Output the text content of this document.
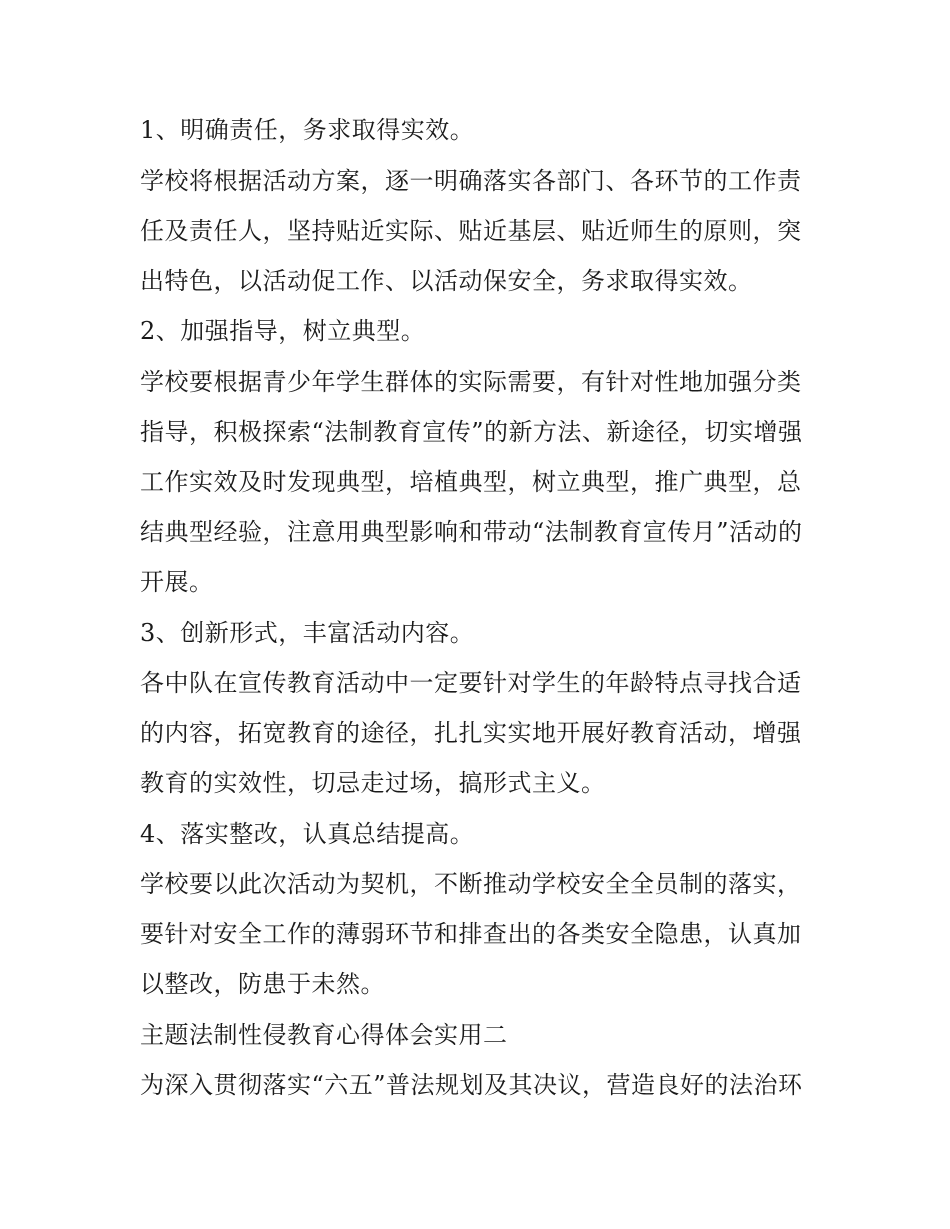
1、明确责任，务求取得实效。
学校将根据活动方案，逐一明确落实各部门、各环节的工作责
任及责任人，坚持贴近实际、贴近基层、贴近师生的原则，突
出特色，以活动促工作、以活动保安全，务求取得实效。
2、加强指导，树立典型。
学校要根据青少年学生群体的实际需要，有针对性地加强分类
指导，积极探索“法制教育宣传”的新方法、新途径，切实增强
工作实效及时发现典型，培植典型，树立典型，推广典型，总
结典型经验，注意用典型影响和带动“法制教育宣传月”活动的
开展。
3、创新形式，丰富活动内容。
各中队在宣传教育活动中一定要针对学生的年龄特点寻找合适
的内容，拓宽教育的途径，扎扎实实地开展好教育活动，增强
教育的实效性，切忌走过场，搞形式主义。
4、落实整改，认真总结提高。
学校要以此次活动为契机，不断推动学校安全全员制的落实，
要针对安全工作的薄弱环节和排查出的各类安全隐患，认真加
以整改，防患于未然。
主题法制性侵教育心得体会实用二
为深入贯彻落实“六五”普法规划及其决议，营造良好的法治环
